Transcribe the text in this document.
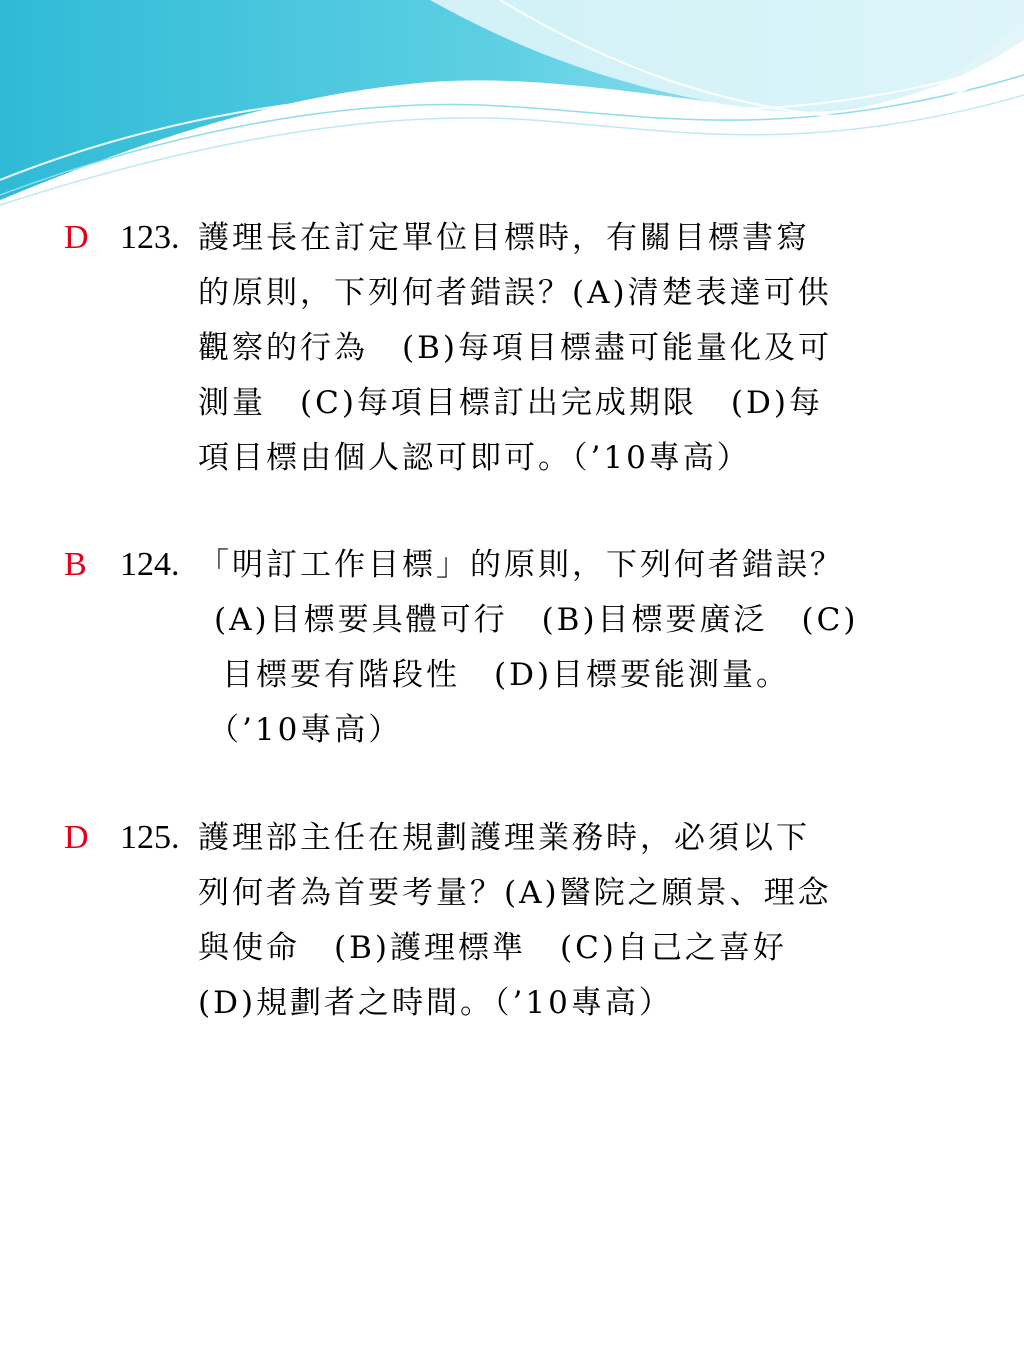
D 123. 護理長在訂定單位目標時，有關目標書寫
的原則，下列何者錯誤？(A)清楚表達可供
觀察的行為　(B)每項目標盡可能量化及可
測量　(C)每項目標訂出完成期限　(D)每
項目標由個人認可即可。（’10專高）
B 124. 「明訂工作目標」的原則，下列何者錯誤？
(A)目標要具體可行　(B)目標要廣泛　(C)
目標要有階段性　(D)目標要能測量。
（’10專高）
D 125. 護理部主任在規劃護理業務時，必須以下
列何者為首要考量？(A)醫院之願景、理念
與使命　(B)護理標準　(C)自己之喜好
(D)規劃者之時間。（’10專高）
